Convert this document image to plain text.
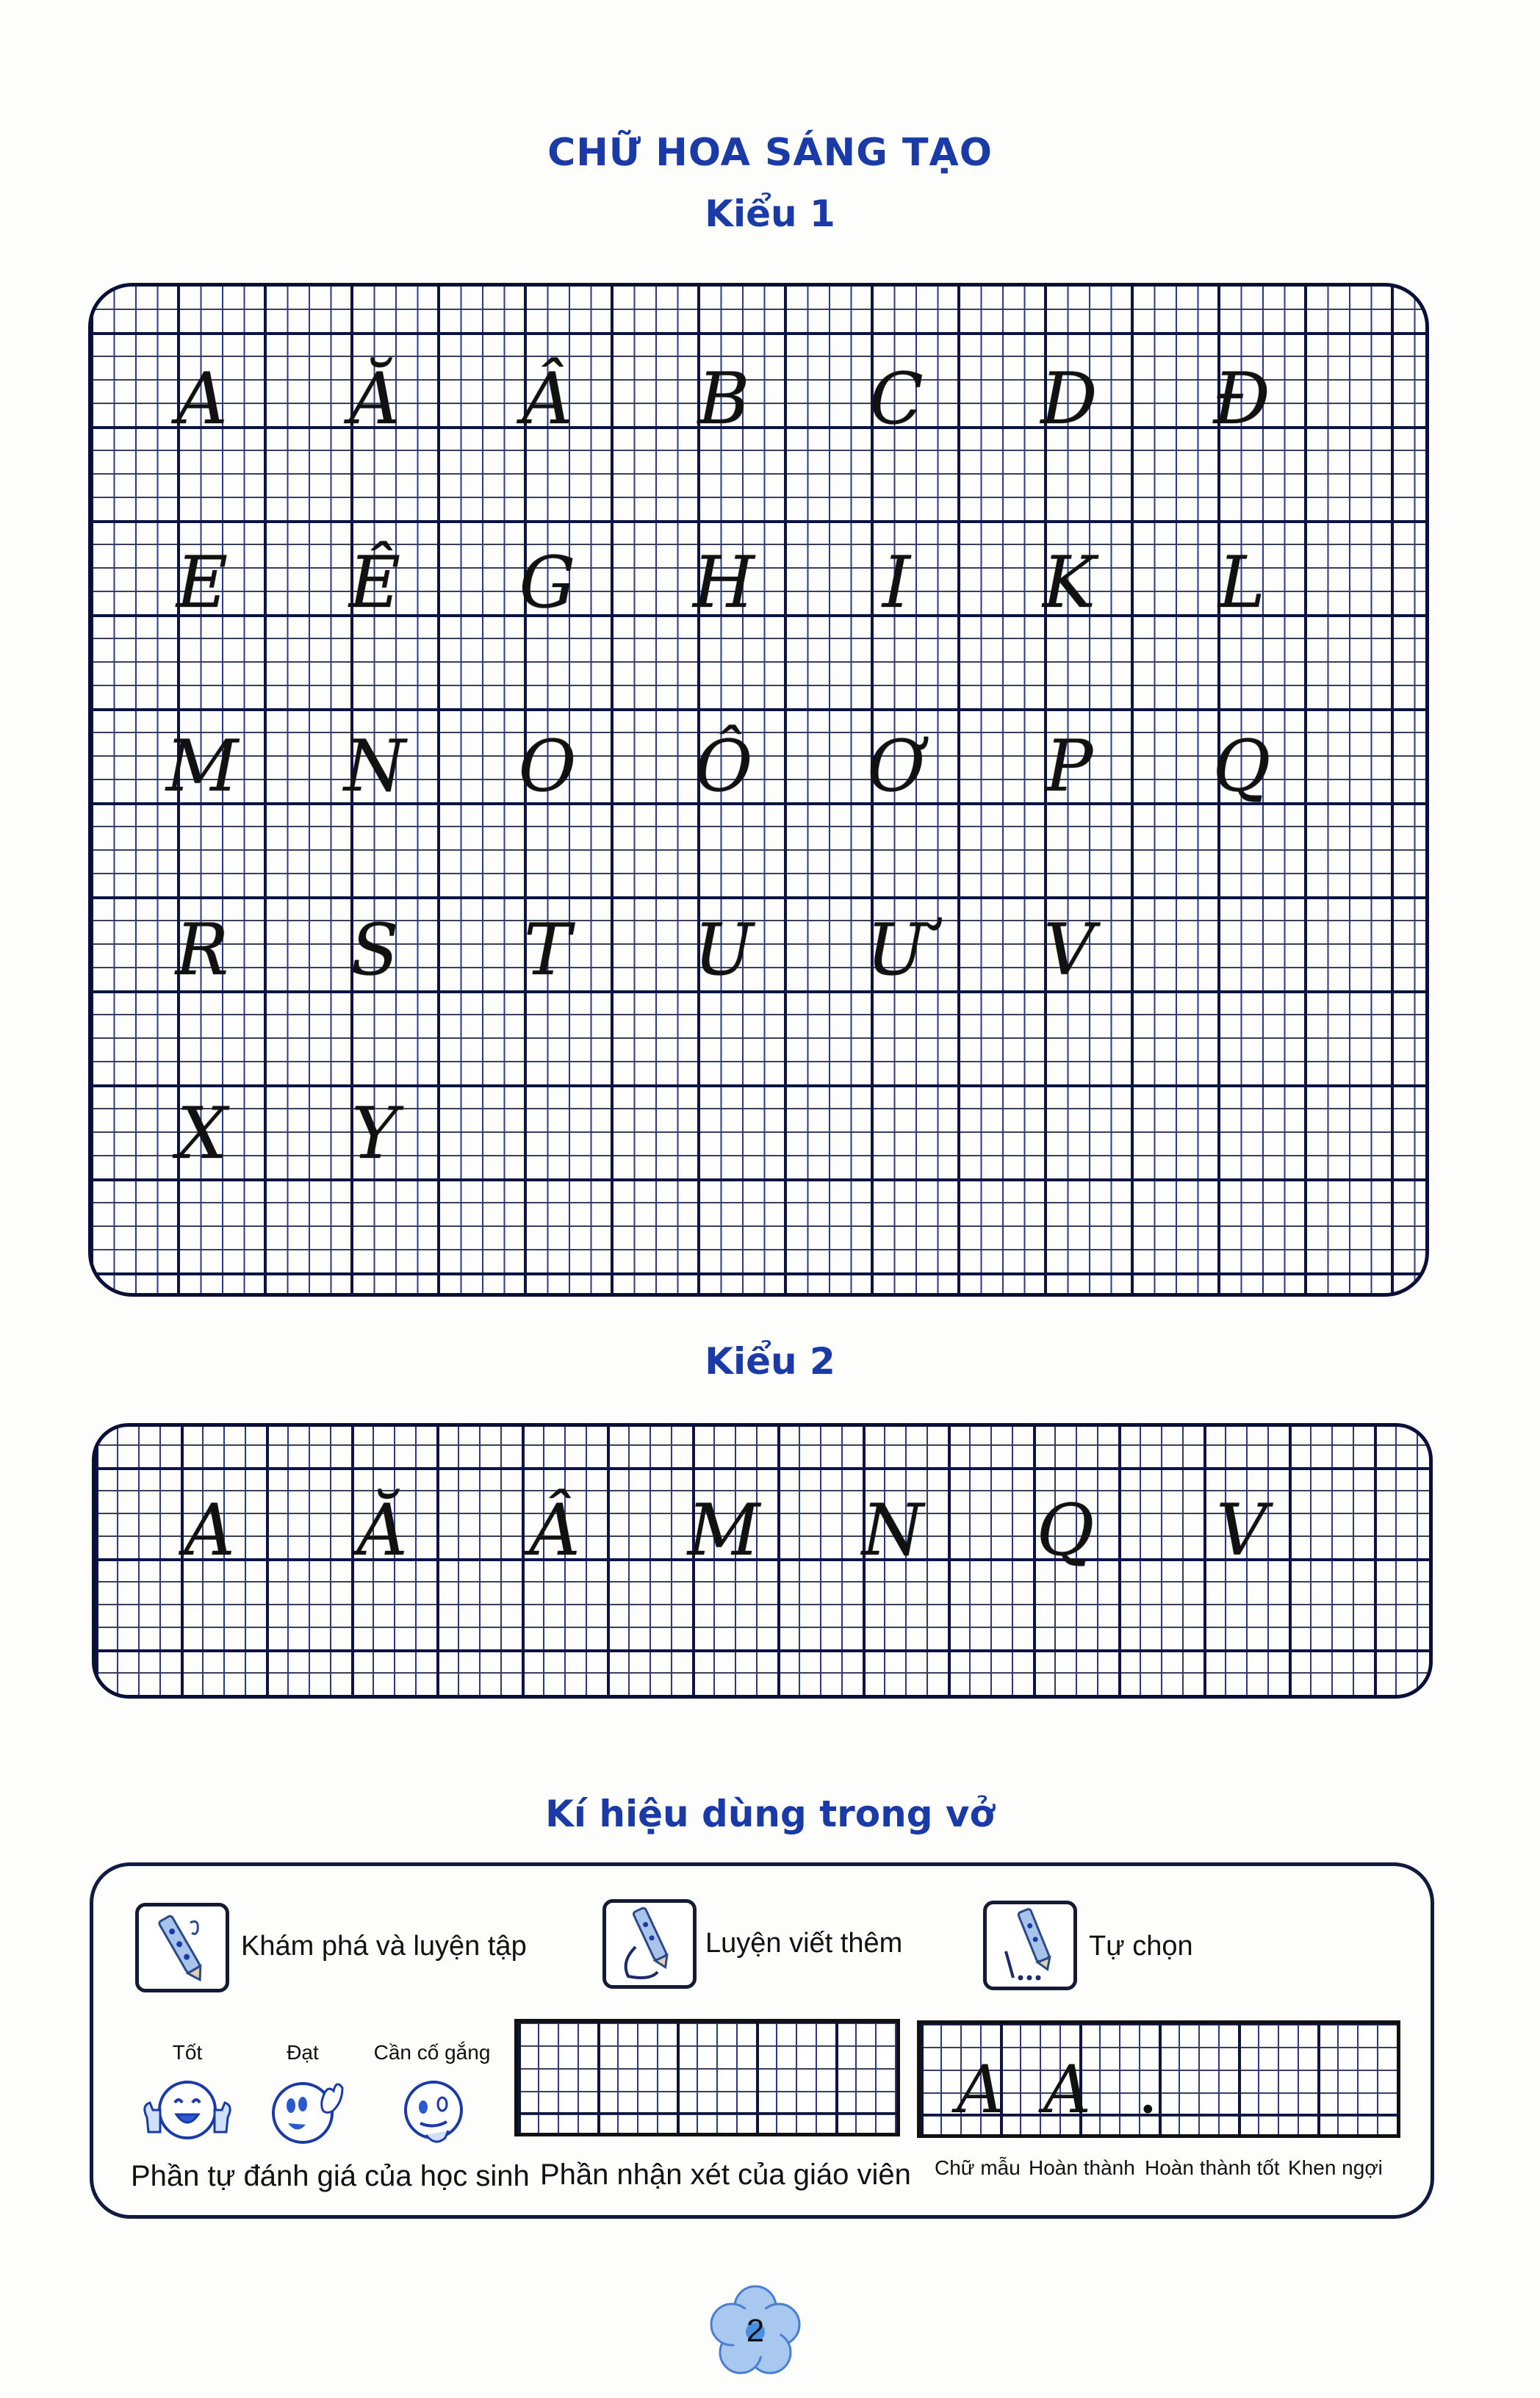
CHỮ HOA SÁNG TẠO
Kiểu 1
A Ă Â B C D Đ
E Ê G H I K L
M N O Ô Ơ P Q
R S T U Ư V
X Y
Kiểu 2
A Ă Â M N Q V
Kí hiệu dùng trong vở
Khám phá và luyện tập	Luyện viết thêm	Tự chọn
Tốt	Đạt	Cần cố gắng
Phần tự đánh giá của học sinh Phần nhận xét của giáo viên
A A .
Chữ mẫu Hoàn thành Hoàn thành tốt Khen ngợi
2
